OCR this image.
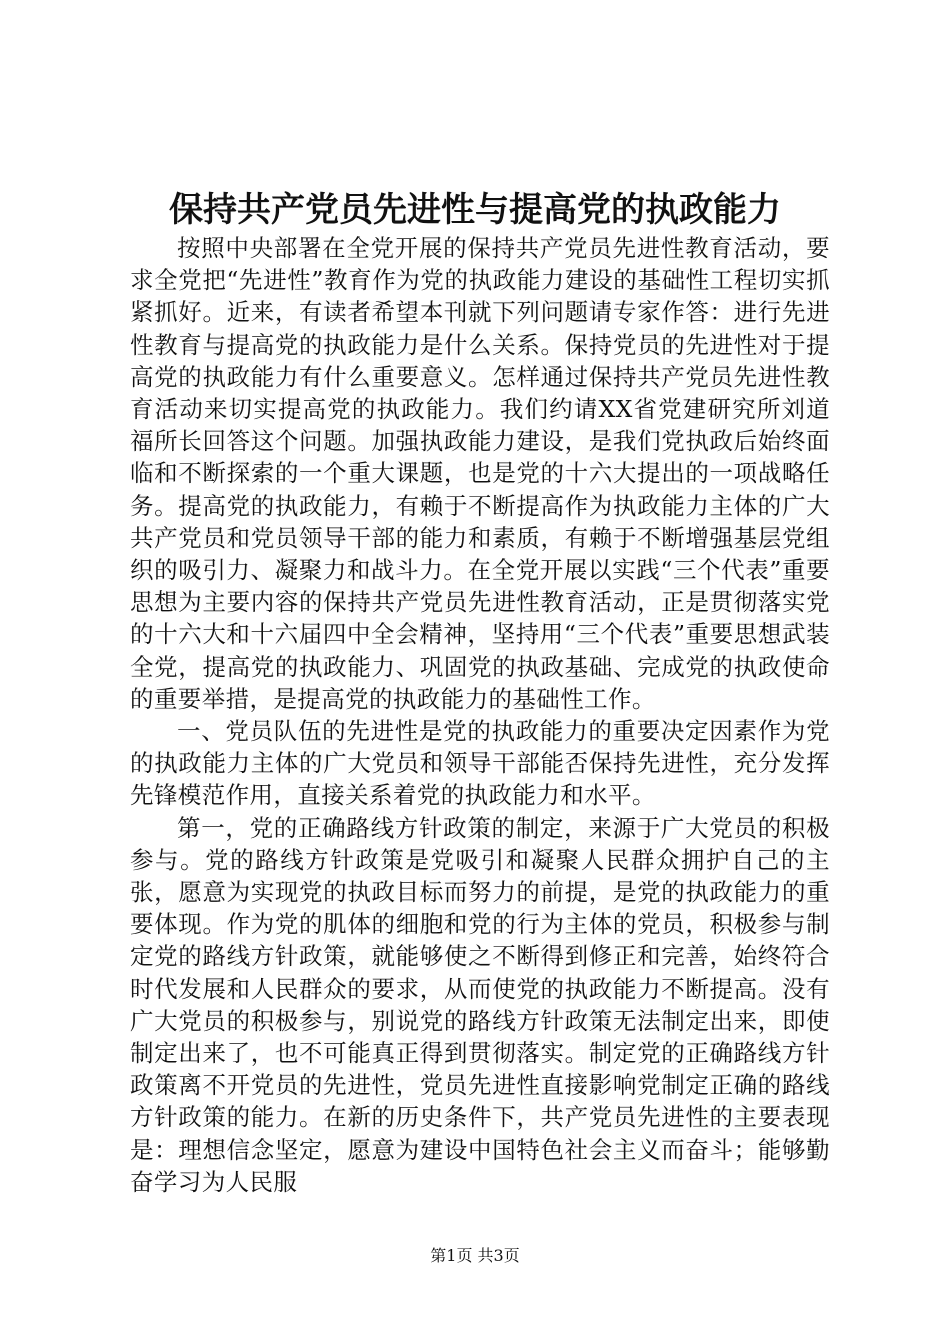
保持共产党员先进性与提高党的执政能力

按照中央部署在全党开展的保持共产党员先进性教育活动，要求全党把“先进性”教育作为党的执政能力建设的基础性工程切实抓紧抓好。近来，有读者希望本刊就下列问题请专家作答：进行先进性教育与提高党的执政能力是什么关系。保持党员的先进性对于提高党的执政能力有什么重要意义。怎样通过保持共产党员先进性教育活动来切实提高党的执政能力。我们约请XX省党建研究所刘道福所长回答这个问题。加强执政能力建设，是我们党执政后始终面临和不断探索的一个重大课题，也是党的十六大提出的一项战略任务。提高党的执政能力，有赖于不断提高作为执政能力主体的广大共产党员和党员领导干部的能力和素质，有赖于不断增强基层党组织的吸引力、凝聚力和战斗力。在全党开展以实践“三个代表”重要思想为主要内容的保持共产党员先进性教育活动，正是贯彻落实党的十六大和十六届四中全会精神，坚持用“三个代表”重要思想武装全党，提高党的执政能力、巩固党的执政基础、完成党的执政使命的重要举措，是提高党的执政能力的基础性工作。

一、党员队伍的先进性是党的执政能力的重要决定因素作为党的执政能力主体的广大党员和领导干部能否保持先进性，充分发挥先锋模范作用，直接关系着党的执政能力和水平。

第一，党的正确路线方针政策的制定，来源于广大党员的积极参与。党的路线方针政策是党吸引和凝聚人民群众拥护自己的主张，愿意为实现党的执政目标而努力的前提，是党的执政能力的重要体现。作为党的肌体的细胞和党的行为主体的党员，积极参与制定党的路线方针政策，就能够使之不断得到修正和完善，始终符合时代发展和人民群众的要求，从而使党的执政能力不断提高。没有广大党员的积极参与，别说党的路线方针政策无法制定出来，即使制定出来了，也不可能真正得到贯彻落实。制定党的正确路线方针政策离不开党员的先进性，党员先进性直接影响党制定正确的路线方针政策的能力。在新的历史条件下，共产党员先进性的主要表现是：理想信念坚定，愿意为建设中国特色社会主义而奋斗；能够勤奋学习为人民服

第1页 共3页
